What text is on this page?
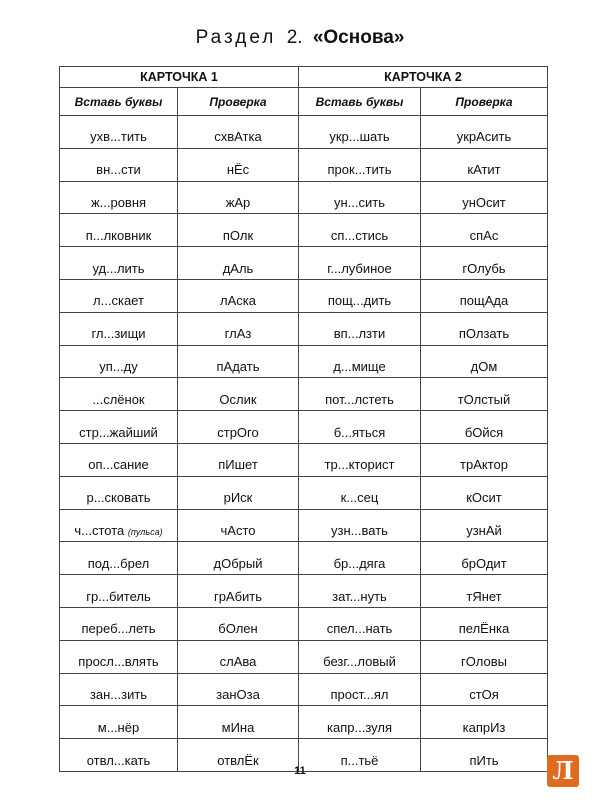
Раздел 2. «Основа»
КАРТОЧКА 1		КАРТОЧКА 2	
Вставь буквы	Проверка	Вставь буквы	Проверка
ухв...тить	схвАтка	укр...шать	укрАсить
вн...сти	нЁс	прок...тить	кАтит
ж...ровня	жАр	ун...сить	унОсит
п...лковник	пОлк	сп...стись	спАс
уд...лить	дАль	г...лубиное	гОлубь
л...скает	лАска	пощ...дить	пощАда
гл...зищи	глАз	вп...лзти	пОлзать
уп...ду	пАдать	д...мище	дОм
...слёнок	Ослик	пот...лстеть	тОлстый
стр...жайший	стрОго	б...яться	бОйся
оп...сание	пИшет	тр...кторист	трАктор
р...сковать	рИск	к...сец	кОсит
ч...стота (пульса)	чАсто	узн...вать	узнАй
под...брел	дОбрый	бр...дяга	брОдит
гр...битель	грАбить	зат...нуть	тЯнет
переб...леть	бОлен	спел...нать	пелЁнка
просл...влять	слАва	безг...ловый	гОловы
зан...зить	занОза	прост...ял	стОя
м...нёр	мИна	капр...зуля	капрИз
отвл...кать	отвлЁк	п...тьё	пИть
11	Л
